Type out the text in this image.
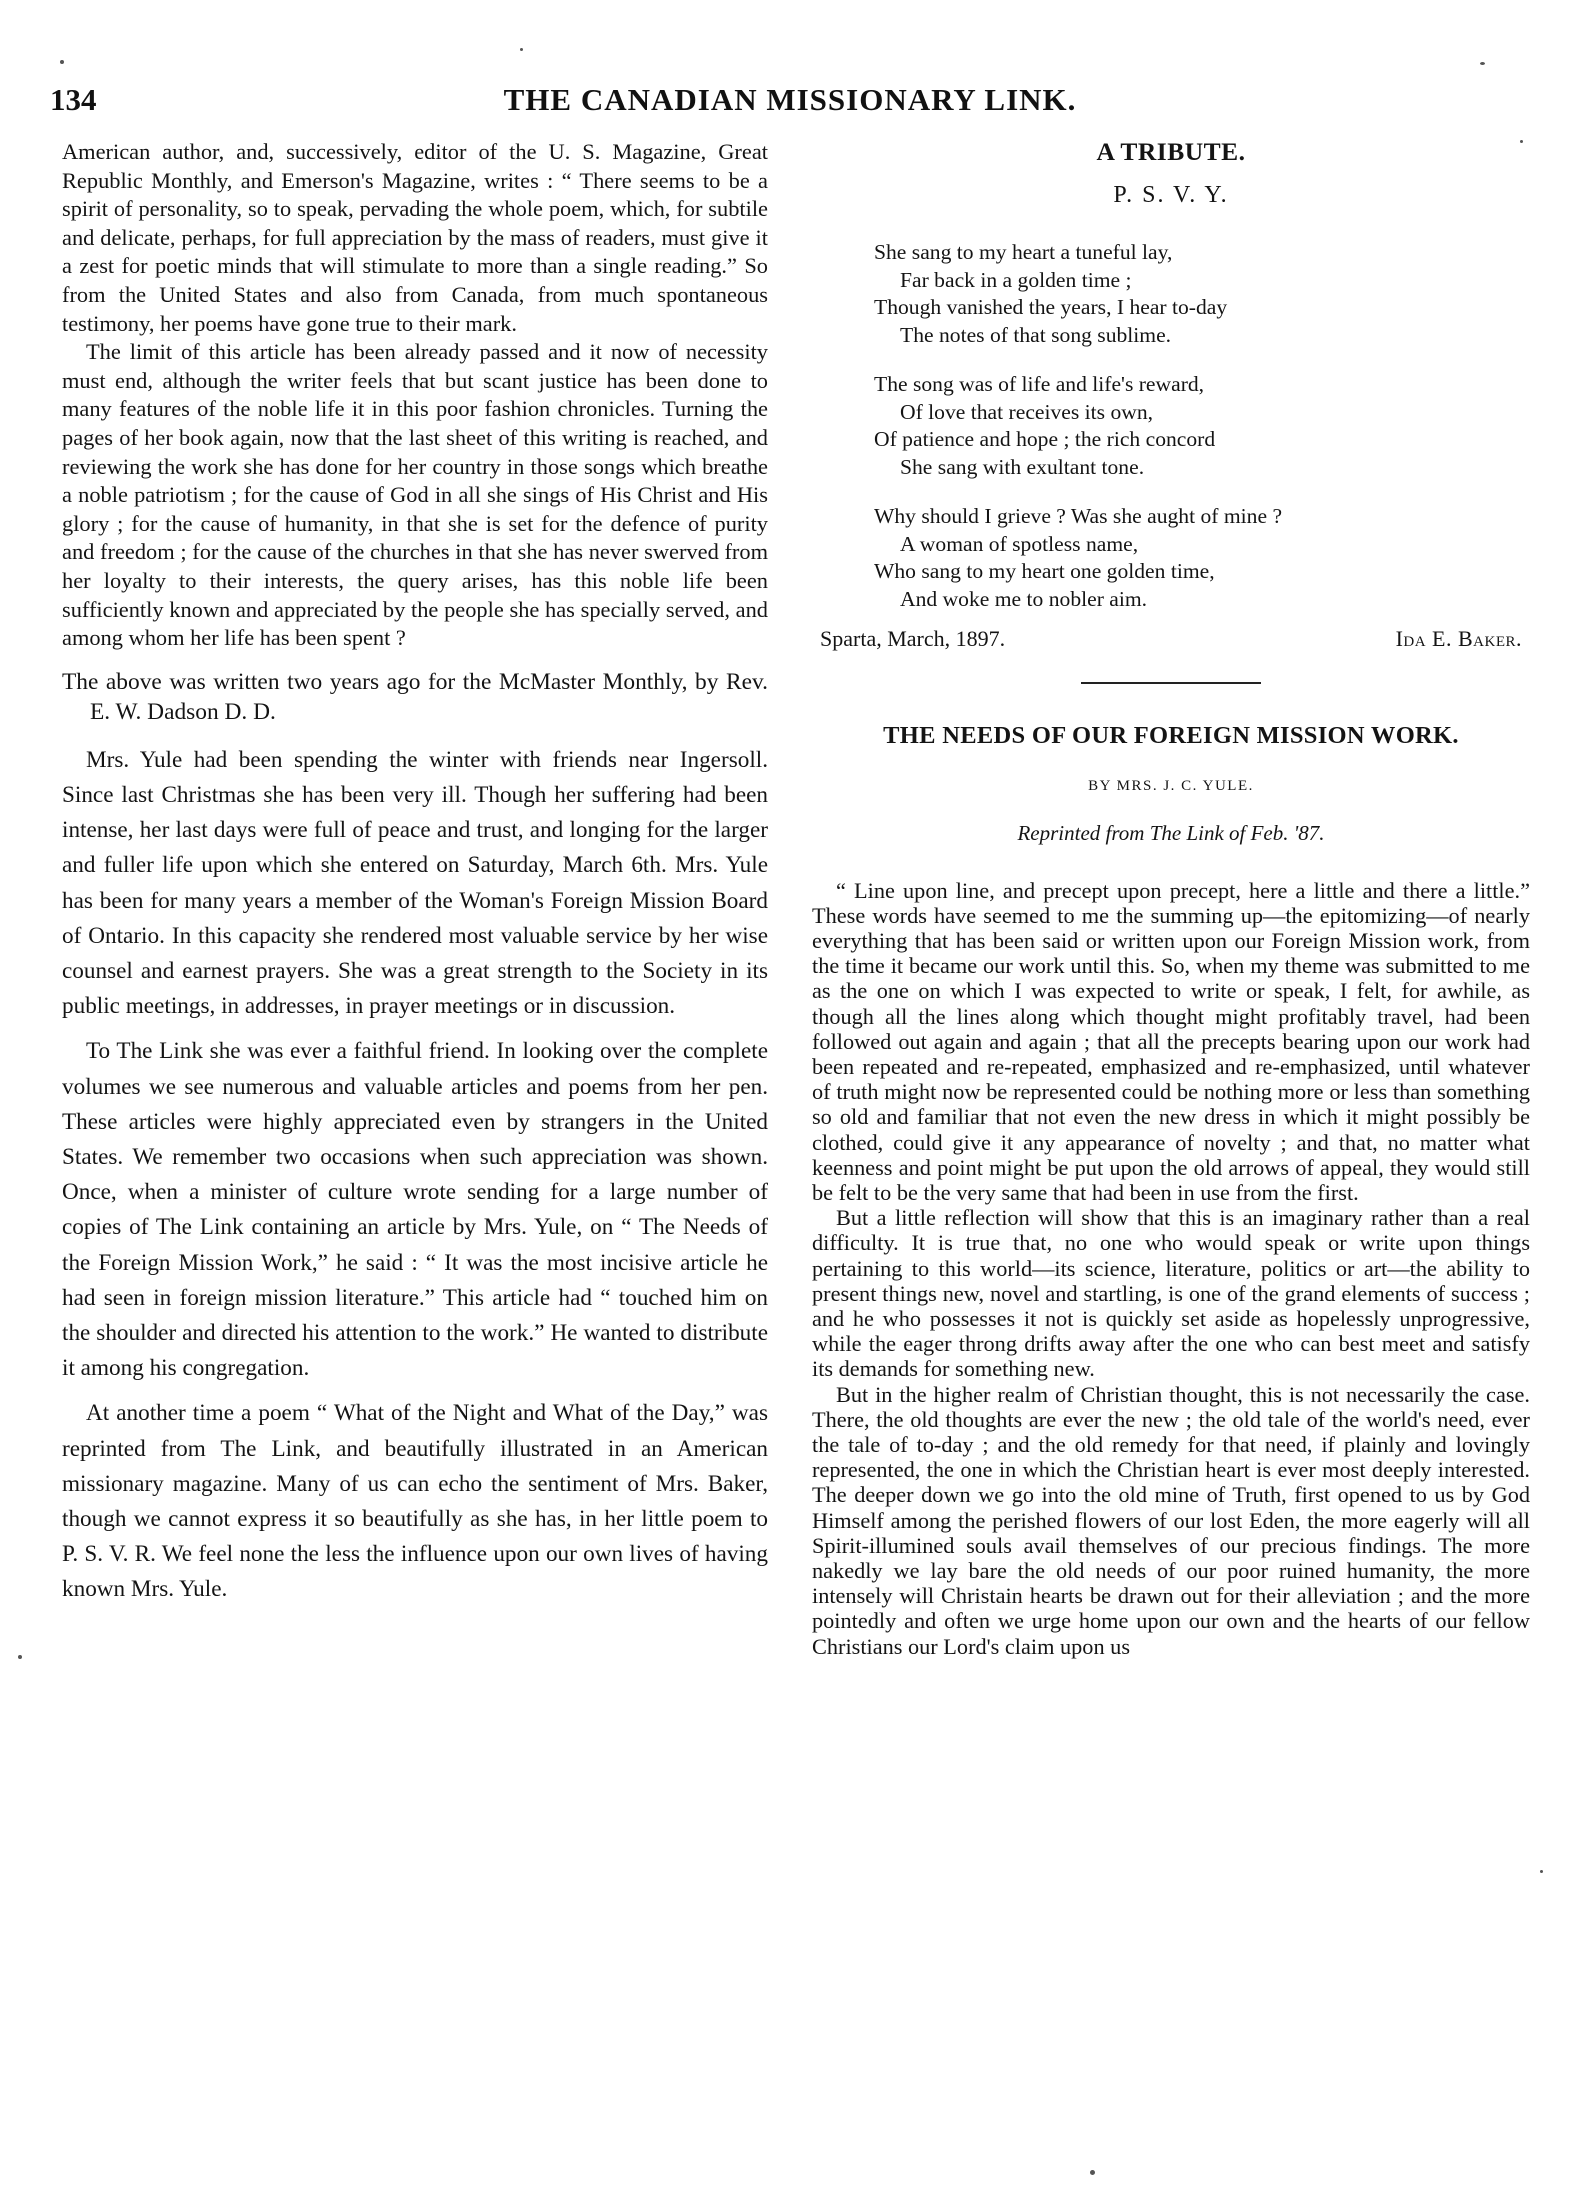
134	THE CANADIAN MISSIONARY LINK.

American author, and, successively, editor of the U. S. Magazine, Great Republic Monthly, and Emerson's Magazine, writes : “ There seems to be a spirit of personality, so to speak, pervading the whole poem, which, for subtile and delicate, perhaps, for full appreciation by the mass of readers, must give it a zest for poetic minds that will stimulate to more than a single reading.” So from the United States and also from Canada, from much spontaneous testimony, her poems have gone true to their mark.

The limit of this article has been already passed and it now of necessity must end, although the writer feels that but scant justice has been done to many features of the noble life it in this poor fashion chronicles. Turning the pages of her book again, now that the last sheet of this writing is reached, and reviewing the work she has done for her country in those songs which breathe a noble patriotism ; for the cause of God in all she sings of His Christ and His glory ; for the cause of humanity, in that she is set for the defence of purity and freedom ; for the cause of the churches in that she has never swerved from her loyalty to their interests, the query arises, has this noble life been sufficiently known and appreciated by the people she has specially served, and among whom her life has been spent ?

The above was written two years ago for the McMaster Monthly, by Rev. E. W. Dadson D. D.

Mrs. Yule had been spending the winter with friends near Ingersoll. Since last Christmas she has been very ill. Though her suffering had been intense, her last days were full of peace and trust, and longing for the larger and fuller life upon which she entered on Saturday, March 6th. Mrs. Yule has been for many years a member of the Woman's Foreign Mission Board of Ontario. In this capacity she rendered most valuable service by her wise counsel and earnest prayers. She was a great strength to the Society in its public meetings, in addresses, in prayer meetings or in discussion.

To The Link she was ever a faithful friend. In looking over the complete volumes we see numerous and valuable articles and poems from her pen. These articles were highly appreciated even by strangers in the United States. We remember two occasions when such appreciation was shown. Once, when a minister of culture wrote sending for a large number of copies of The Link containing an article by Mrs. Yule, on “ The Needs of the Foreign Mission Work,” he said : “ It was the most incisive article he had seen in foreign mission literature.” This article had “ touched him on the shoulder and directed his attention to the work.” He wanted to distribute it among his congregation.

At another time a poem “ What of the Night and What of the Day,” was reprinted from The Link, and beautifully illustrated in an American missionary magazine. Many of us can echo the sentiment of Mrs. Baker, though we cannot express it so beautifully as she has, in her little poem to P. S. V. R. We feel none the less the influence upon our own lives of having known Mrs. Yule.

A TRIBUTE.
P. S. V. Y.
She sang to my heart a tuneful lay,
Far back in a golden time ;
Though vanished the years, I hear to-day
The notes of that song sublime.
The song was of life and life's reward,
Of love that receives its own,
Of patience and hope ; the rich concord
She sang with exultant tone.
Why should I grieve ? Was she aught of mine ?
A woman of spotless name,
Who sang to my heart one golden time,
And woke me to nobler aim.
Sparta, March, 1897.	Ida E. Baker.
THE NEEDS OF OUR FOREIGN MISSION WORK.
BY MRS. J. C. YULE.
Reprinted from The Link of Feb. '87.

“ Line upon line, and precept upon precept, here a little and there a little.” These words have seemed to me the summing up—the epitomizing—of nearly everything that has been said or written upon our Foreign Mission work, from the time it became our work until this. So, when my theme was submitted to me as the one on which I was expected to write or speak, I felt, for awhile, as though all the lines along which thought might profitably travel, had been followed out again and again ; that all the precepts bearing upon our work had been repeated and re-repeated, emphasized and re-emphasized, until whatever of truth might now be represented could be nothing more or less than something so old and familiar that not even the new dress in which it might possibly be clothed, could give it any appearance of novelty ; and that, no matter what keenness and point might be put upon the old arrows of appeal, they would still be felt to be the very same that had been in use from the first.

But a little reflection will show that this is an imaginary rather than a real difficulty. It is true that, no one who would speak or write upon things pertaining to this world—its science, literature, politics or art—the ability to present things new, novel and startling, is one of the grand elements of success ; and he who possesses it not is quickly set aside as hopelessly unprogressive, while the eager throng drifts away after the one who can best meet and satisfy its demands for something new.

But in the higher realm of Christian thought, this is not necessarily the case. There, the old thoughts are ever the new ; the old tale of the world's need, ever the tale of to-day ; and the old remedy for that need, if plainly and lovingly represented, the one in which the Christian heart is ever most deeply interested. The deeper down we go into the old mine of Truth, first opened to us by God Himself among the perished flowers of our lost Eden, the more eagerly will all Spirit-illumined souls avail themselves of our precious findings. The more nakedly we lay bare the old needs of our poor ruined humanity, the more intensely will Christain hearts be drawn out for their alleviation ; and the more pointedly and often we urge home upon our own and the hearts of our fellow Christians our Lord's claim upon us
